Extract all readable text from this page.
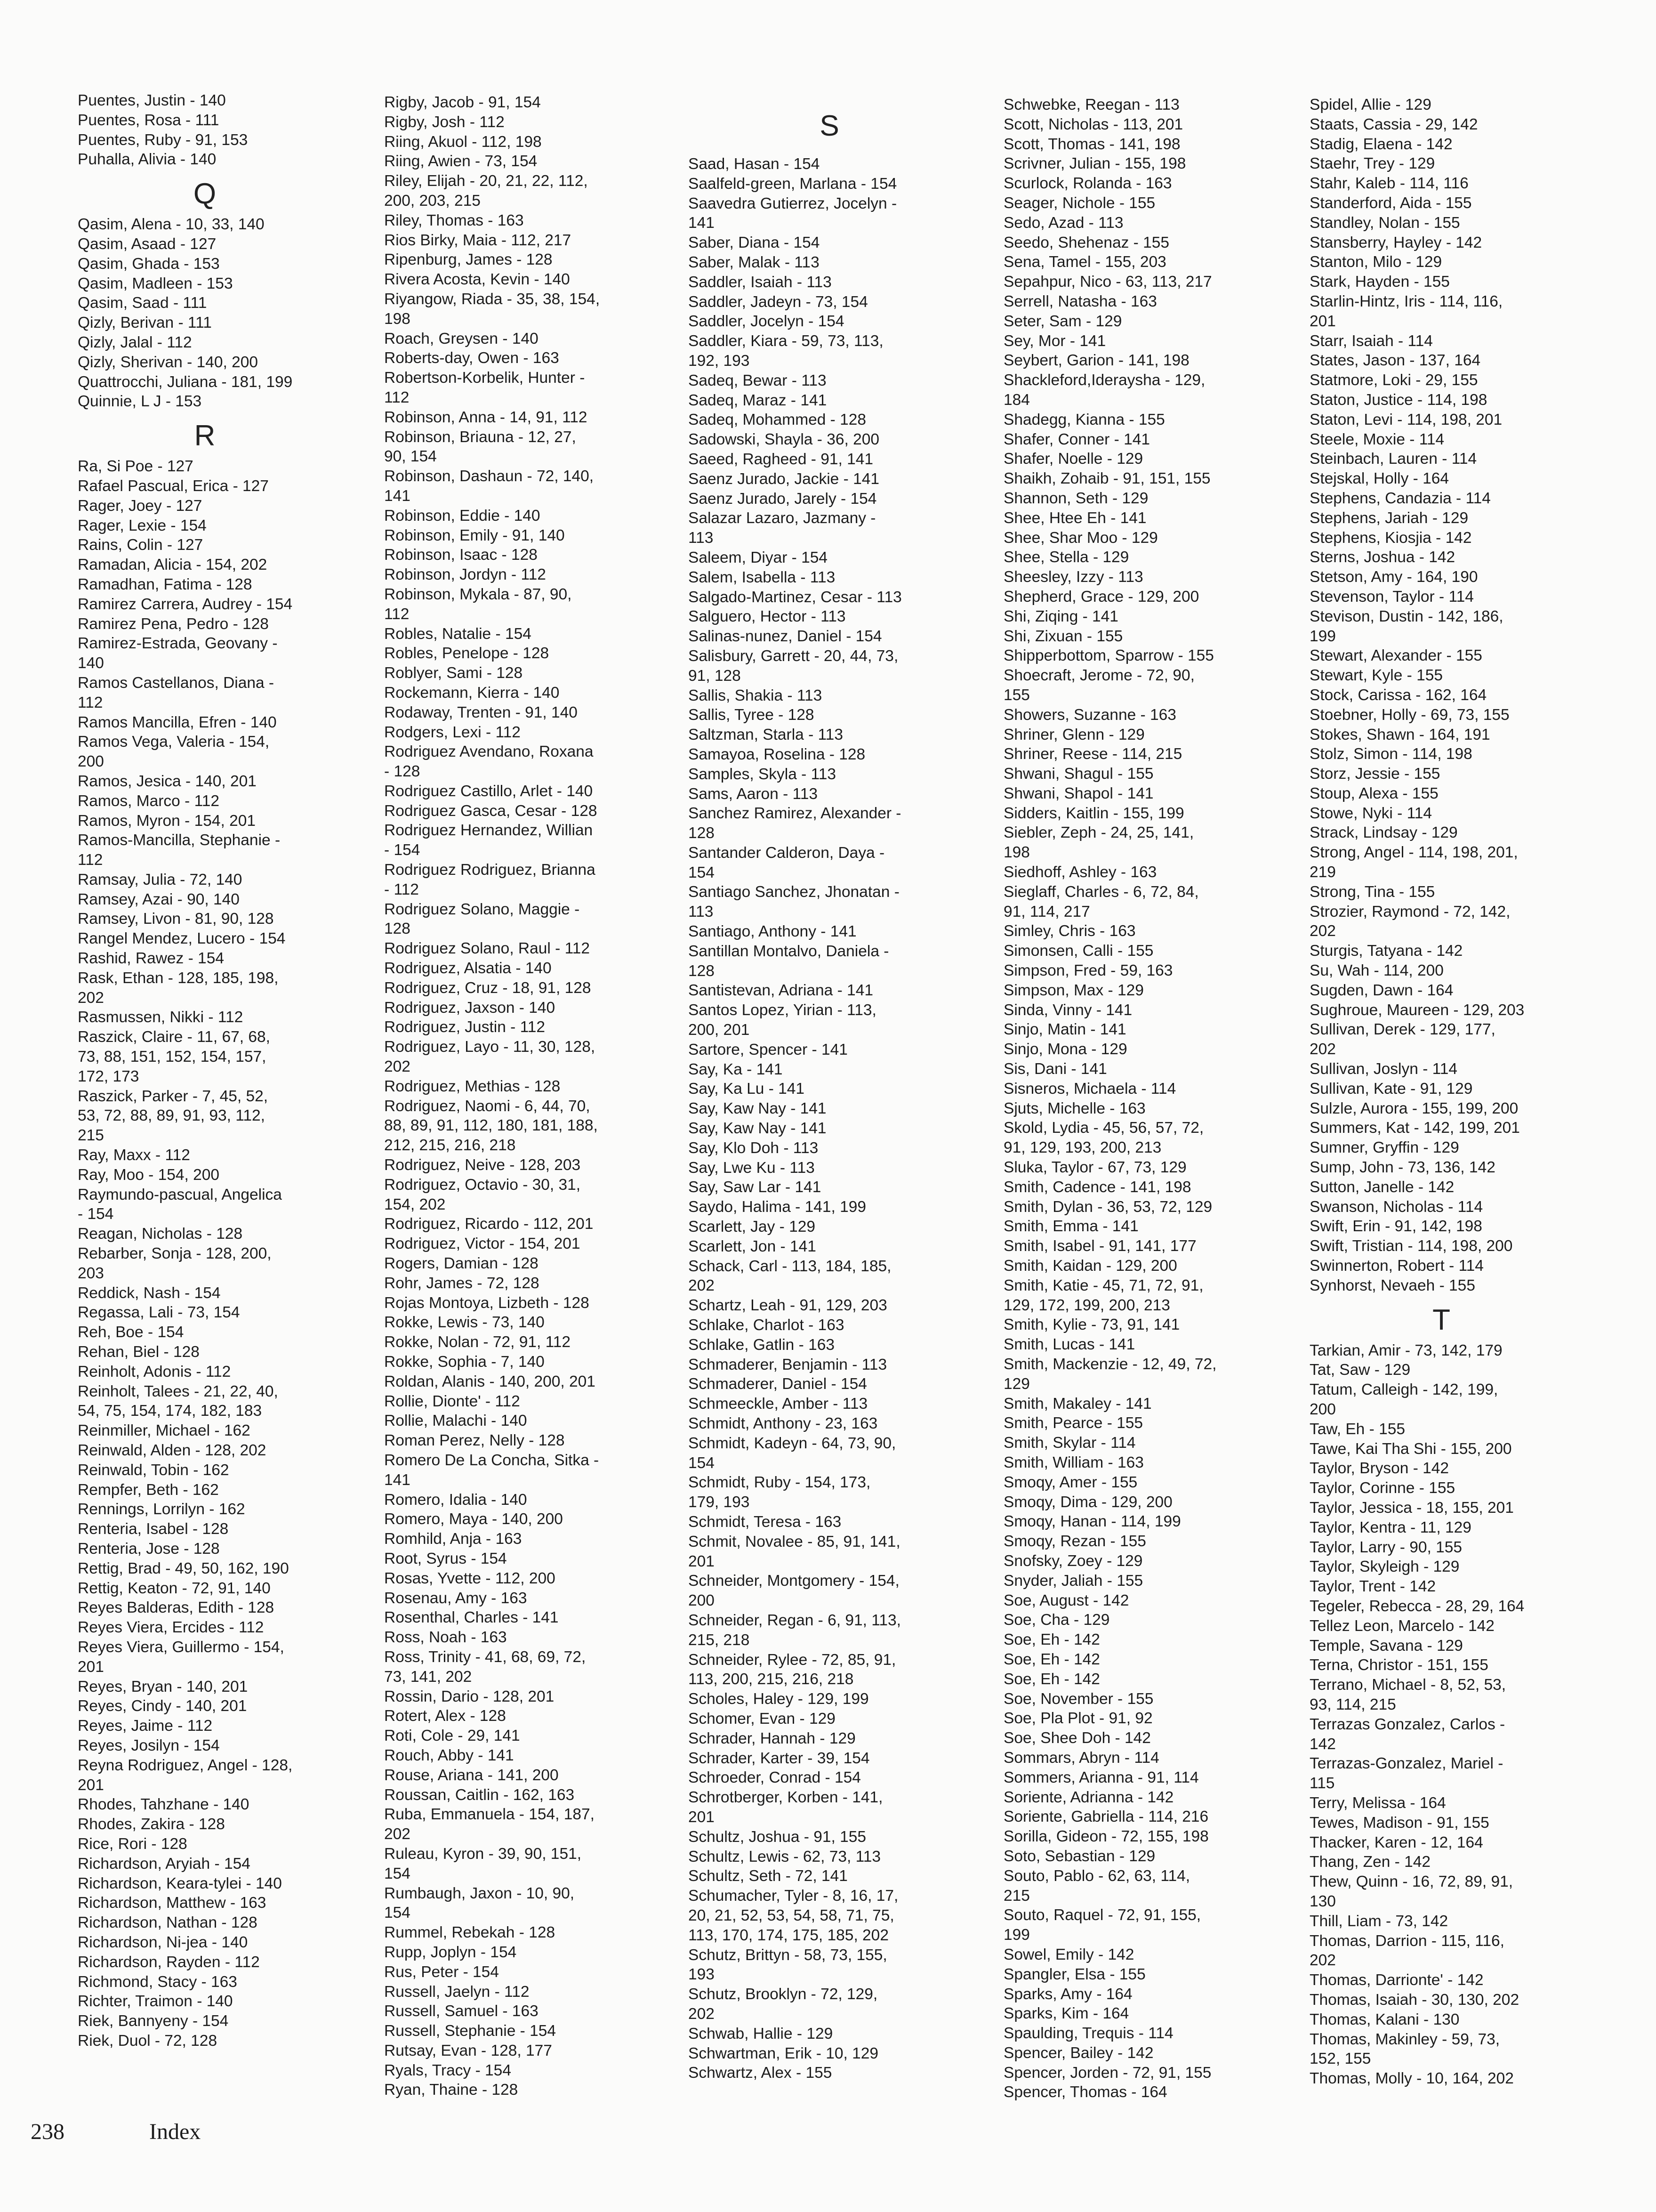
Puentes, Justin - 140
Puentes, Rosa - 111
Puentes, Ruby - 91, 153
Puhalla, Alivia - 140
Q
Qasim, Alena - 10, 33, 140
Qasim, Asaad - 127
Qasim, Ghada - 153
Qasim, Madleen - 153
Qasim, Saad - 111
Qizly, Berivan - 111
Qizly, Jalal - 112
Qizly, Sherivan - 140, 200
Quattrocchi, Juliana - 181, 199
Quinnie, L J - 153
R
Ra, Si Poe - 127
Rafael Pascual, Erica - 127
Rager, Joey - 127
Rager, Lexie - 154
Rains, Colin - 127
Ramadan, Alicia - 154, 202
Ramadhan, Fatima - 128
Ramirez Carrera, Audrey - 154
Ramirez Pena, Pedro - 128
Ramirez-Estrada, Geovany -
140
Ramos Castellanos, Diana -
112
Ramos Mancilla, Efren - 140
Ramos Vega, Valeria - 154,
200
Ramos, Jesica - 140, 201
Ramos, Marco - 112
Ramos, Myron - 154, 201
Ramos-Mancilla, Stephanie -
112
Ramsay, Julia - 72, 140
Ramsey, Azai - 90, 140
Ramsey, Livon - 81, 90, 128
Rangel Mendez, Lucero - 154
Rashid, Rawez - 154
Rask, Ethan - 128, 185, 198,
202
Rasmussen, Nikki - 112
Raszick, Claire - 11, 67, 68,
73, 88, 151, 152, 154, 157,
172, 173
Raszick, Parker - 7, 45, 52,
53, 72, 88, 89, 91, 93, 112,
215
Ray, Maxx - 112
Ray, Moo - 154, 200
Raymundo-pascual, Angelica
- 154
Reagan, Nicholas - 128
Rebarber, Sonja - 128, 200,
203
Reddick, Nash - 154
Regassa, Lali - 73, 154
Reh, Boe - 154
Rehan, Biel - 128
Reinholt, Adonis - 112
Reinholt, Talees - 21, 22, 40,
54, 75, 154, 174, 182, 183
Reinmiller, Michael - 162
Reinwald, Alden - 128, 202
Reinwald, Tobin - 162
Rempfer, Beth - 162
Rennings, Lorrilyn - 162
Renteria, Isabel - 128
Renteria, Jose - 128
Rettig, Brad - 49, 50, 162, 190
Rettig, Keaton - 72, 91, 140
Reyes Balderas, Edith - 128
Reyes Viera, Ercides - 112
Reyes Viera, Guillermo - 154,
201
Reyes, Bryan - 140, 201
Reyes, Cindy - 140, 201
Reyes, Jaime - 112
Reyes, Josilyn - 154
Reyna Rodriguez, Angel - 128,
201
Rhodes, Tahzhane - 140
Rhodes, Zakira - 128
Rice, Rori - 128
Richardson, Aryiah - 154
Richardson, Keara-tylei - 140
Richardson, Matthew - 163
Richardson, Nathan - 128
Richardson, Ni-jea - 140
Richardson, Rayden - 112
Richmond, Stacy - 163
Richter, Traimon - 140
Riek, Bannyeny - 154
Riek, Duol - 72, 128
Rigby, Jacob - 91, 154
Rigby, Josh - 112
Riing, Akuol - 112, 198
Riing, Awien - 73, 154
Riley, Elijah - 20, 21, 22, 112,
200, 203, 215
Riley, Thomas - 163
Rios Birky, Maia - 112, 217
Ripenburg, James - 128
Rivera Acosta, Kevin - 140
Riyangow, Riada - 35, 38, 154,
198
Roach, Greysen - 140
Roberts-day, Owen - 163
Robertson-Korbelik, Hunter -
112
Robinson, Anna - 14, 91, 112
Robinson, Briauna - 12, 27,
90, 154
Robinson, Dashaun - 72, 140,
141
Robinson, Eddie - 140
Robinson, Emily - 91, 140
Robinson, Isaac - 128
Robinson, Jordyn - 112
Robinson, Mykala - 87, 90,
112
Robles, Natalie - 154
Robles, Penelope - 128
Roblyer, Sami - 128
Rockemann, Kierra - 140
Rodaway, Trenten - 91, 140
Rodgers, Lexi - 112
Rodriguez Avendano, Roxana
- 128
Rodriguez Castillo, Arlet - 140
Rodriguez Gasca, Cesar - 128
Rodriguez Hernandez, Willian
- 154
Rodriguez Rodriguez, Brianna
- 112
Rodriguez Solano, Maggie -
128
Rodriguez Solano, Raul - 112
Rodriguez, Alsatia - 140
Rodriguez, Cruz - 18, 91, 128
Rodriguez, Jaxson - 140
Rodriguez, Justin - 112
Rodriguez, Layo - 11, 30, 128,
202
Rodriguez, Methias - 128
Rodriguez, Naomi - 6, 44, 70,
88, 89, 91, 112, 180, 181, 188,
212, 215, 216, 218
Rodriguez, Neive - 128, 203
Rodriguez, Octavio - 30, 31,
154, 202
Rodriguez, Ricardo - 112, 201
Rodriguez, Victor - 154, 201
Rogers, Damian - 128
Rohr, James - 72, 128
Rojas Montoya, Lizbeth - 128
Rokke, Lewis - 73, 140
Rokke, Nolan - 72, 91, 112
Rokke, Sophia - 7, 140
Roldan, Alanis - 140, 200, 201
Rollie, Dionte' - 112
Rollie, Malachi - 140
Roman Perez, Nelly - 128
Romero De La Concha, Sitka -
141
Romero, Idalia - 140
Romero, Maya - 140, 200
Romhild, Anja - 163
Root, Syrus - 154
Rosas, Yvette - 112, 200
Rosenau, Amy - 163
Rosenthal, Charles - 141
Ross, Noah - 163
Ross, Trinity - 41, 68, 69, 72,
73, 141, 202
Rossin, Dario - 128, 201
Rotert, Alex - 128
Roti, Cole - 29, 141
Rouch, Abby - 141
Rouse, Ariana - 141, 200
Roussan, Caitlin - 162, 163
Ruba, Emmanuela - 154, 187,
202
Ruleau, Kyron - 39, 90, 151,
154
Rumbaugh, Jaxon - 10, 90,
154
Rummel, Rebekah - 128
Rupp, Joplyn - 154
Rus, Peter - 154
Russell, Jaelyn - 112
Russell, Samuel - 163
Russell, Stephanie - 154
Rutsay, Evan - 128, 177
Ryals, Tracy - 154
Ryan, Thaine - 128
S
Saad, Hasan - 154
Saalfeld-green, Marlana - 154
Saavedra Gutierrez, Jocelyn -
141
Saber, Diana - 154
Saber, Malak - 113
Saddler, Isaiah - 113
Saddler, Jadeyn - 73, 154
Saddler, Jocelyn - 154
Saddler, Kiara - 59, 73, 113,
192, 193
Sadeq, Bewar - 113
Sadeq, Maraz - 141
Sadeq, Mohammed - 128
Sadowski, Shayla - 36, 200
Saeed, Ragheed - 91, 141
Saenz Jurado, Jackie - 141
Saenz Jurado, Jarely - 154
Salazar Lazaro, Jazmany -
113
Saleem, Diyar - 154
Salem, Isabella - 113
Salgado-Martinez, Cesar - 113
Salguero, Hector - 113
Salinas-nunez, Daniel - 154
Salisbury, Garrett - 20, 44, 73,
91, 128
Sallis, Shakia - 113
Sallis, Tyree - 128
Saltzman, Starla - 113
Samayoa, Roselina - 128
Samples, Skyla - 113
Sams, Aaron - 113
Sanchez Ramirez, Alexander -
128
Santander Calderon, Daya -
154
Santiago Sanchez, Jhonatan -
113
Santiago, Anthony - 141
Santillan Montalvo, Daniela -
128
Santistevan, Adriana - 141
Santos Lopez, Yirian - 113,
200, 201
Sartore, Spencer - 141
Say, Ka - 141
Say, Ka Lu - 141
Say, Kaw Nay - 141
Say, Kaw Nay - 141
Say, Klo Doh - 113
Say, Lwe Ku - 113
Say, Saw Lar - 141
Saydo, Halima - 141, 199
Scarlett, Jay - 129
Scarlett, Jon - 141
Schack, Carl - 113, 184, 185,
202
Schartz, Leah - 91, 129, 203
Schlake, Charlot - 163
Schlake, Gatlin - 163
Schmaderer, Benjamin - 113
Schmaderer, Daniel - 154
Schmeeckle, Amber - 113
Schmidt, Anthony - 23, 163
Schmidt, Kadeyn - 64, 73, 90,
154
Schmidt, Ruby - 154, 173,
179, 193
Schmidt, Teresa - 163
Schmit, Novalee - 85, 91, 141,
201
Schneider, Montgomery - 154,
200
Schneider, Regan - 6, 91, 113,
215, 218
Schneider, Rylee - 72, 85, 91,
113, 200, 215, 216, 218
Scholes, Haley - 129, 199
Schomer, Evan - 129
Schrader, Hannah - 129
Schrader, Karter - 39, 154
Schroeder, Conrad - 154
Schrotberger, Korben - 141,
201
Schultz, Joshua - 91, 155
Schultz, Lewis - 62, 73, 113
Schultz, Seth - 72, 141
Schumacher, Tyler - 8, 16, 17,
20, 21, 52, 53, 54, 58, 71, 75,
113, 170, 174, 175, 185, 202
Schutz, Brittyn - 58, 73, 155,
193
Schutz, Brooklyn - 72, 129,
202
Schwab, Hallie - 129
Schwartman, Erik - 10, 129
Schwartz, Alex - 155
Schwebke, Reegan - 113
Scott, Nicholas - 113, 201
Scott, Thomas - 141, 198
Scrivner, Julian - 155, 198
Scurlock, Rolanda - 163
Seager, Nichole - 155
Sedo, Azad - 113
Seedo, Shehenaz - 155
Sena, Tamel - 155, 203
Sepahpur, Nico - 63, 113, 217
Serrell, Natasha - 163
Seter, Sam - 129
Sey, Mor - 141
Seybert, Garion - 141, 198
Shackleford,Ideraysha - 129,
184
Shadegg, Kianna - 155
Shafer, Conner - 141
Shafer, Noelle - 129
Shaikh, Zohaib - 91, 151, 155
Shannon, Seth - 129
Shee, Htee Eh - 141
Shee, Shar Moo - 129
Shee, Stella - 129
Sheesley, Izzy - 113
Shepherd, Grace - 129, 200
Shi, Ziqing - 141
Shi, Zixuan - 155
Shipperbottom, Sparrow - 155
Shoecraft, Jerome - 72, 90,
155
Showers, Suzanne - 163
Shriner, Glenn - 129
Shriner, Reese - 114, 215
Shwani, Shagul - 155
Shwani, Shapol - 141
Sidders, Kaitlin - 155, 199
Siebler, Zeph - 24, 25, 141,
198
Siedhoff, Ashley - 163
Sieglaff, Charles - 6, 72, 84,
91, 114, 217
Simley, Chris - 163
Simonsen, Calli - 155
Simpson, Fred - 59, 163
Simpson, Max - 129
Sinda, Vinny - 141
Sinjo, Matin - 141
Sinjo, Mona - 129
Sis, Dani - 141
Sisneros, Michaela - 114
Sjuts, Michelle - 163
Skold, Lydia - 45, 56, 57, 72,
91, 129, 193, 200, 213
Sluka, Taylor - 67, 73, 129
Smith, Cadence - 141, 198
Smith, Dylan - 36, 53, 72, 129
Smith, Emma - 141
Smith, Isabel - 91, 141, 177
Smith, Kaidan - 129, 200
Smith, Katie - 45, 71, 72, 91,
129, 172, 199, 200, 213
Smith, Kylie - 73, 91, 141
Smith, Lucas - 141
Smith, Mackenzie - 12, 49, 72,
129
Smith, Makaley - 141
Smith, Pearce - 155
Smith, Skylar - 114
Smith, William - 163
Smoqy, Amer - 155
Smoqy, Dima - 129, 200
Smoqy, Hanan - 114, 199
Smoqy, Rezan - 155
Snofsky, Zoey - 129
Snyder, Jaliah - 155
Soe, August - 142
Soe, Cha - 129
Soe, Eh - 142
Soe, Eh - 142
Soe, Eh - 142
Soe, November - 155
Soe, Pla Plot - 91, 92
Soe, Shee Doh - 142
Sommars, Abryn - 114
Sommers, Arianna - 91, 114
Soriente, Adrianna - 142
Soriente, Gabriella - 114, 216
Sorilla, Gideon - 72, 155, 198
Soto, Sebastian - 129
Souto, Pablo - 62, 63, 114,
215
Souto, Raquel - 72, 91, 155,
199
Sowel, Emily - 142
Spangler, Elsa - 155
Sparks, Amy - 164
Sparks, Kim - 164
Spaulding, Trequis - 114
Spencer, Bailey - 142
Spencer, Jorden - 72, 91, 155
Spencer, Thomas - 164
Spidel, Allie - 129
Staats, Cassia - 29, 142
Stadig, Elaena - 142
Staehr, Trey - 129
Stahr, Kaleb - 114, 116
Standerford, Aida - 155
Standley, Nolan - 155
Stansberry, Hayley - 142
Stanton, Milo - 129
Stark, Hayden - 155
Starlin-Hintz, Iris - 114, 116,
201
Starr, Isaiah - 114
States, Jason - 137, 164
Statmore, Loki - 29, 155
Staton, Justice - 114, 198
Staton, Levi - 114, 198, 201
Steele, Moxie - 114
Steinbach, Lauren - 114
Stejskal, Holly - 164
Stephens, Candazia - 114
Stephens, Jariah - 129
Stephens, Kiosjia - 142
Sterns, Joshua - 142
Stetson, Amy - 164, 190
Stevenson, Taylor - 114
Stevison, Dustin - 142, 186,
199
Stewart, Alexander - 155
Stewart, Kyle - 155
Stock, Carissa - 162, 164
Stoebner, Holly - 69, 73, 155
Stokes, Shawn - 164, 191
Stolz, Simon - 114, 198
Storz, Jessie - 155
Stoup, Alexa - 155
Stowe, Nyki - 114
Strack, Lindsay - 129
Strong, Angel - 114, 198, 201,
219
Strong, Tina - 155
Strozier, Raymond - 72, 142,
202
Sturgis, Tatyana - 142
Su, Wah - 114, 200
Sugden, Dawn - 164
Sughroue, Maureen - 129, 203
Sullivan, Derek - 129, 177,
202
Sullivan, Joslyn - 114
Sullivan, Kate - 91, 129
Sulzle, Aurora - 155, 199, 200
Summers, Kat - 142, 199, 201
Sumner, Gryffin - 129
Sump, John - 73, 136, 142
Sutton, Janelle - 142
Swanson, Nicholas - 114
Swift, Erin - 91, 142, 198
Swift, Tristian - 114, 198, 200
Swinnerton, Robert - 114
Synhorst, Nevaeh - 155
T
Tarkian, Amir - 73, 142, 179
Tat, Saw - 129
Tatum, Calleigh - 142, 199,
200
Taw, Eh - 155
Tawe, Kai Tha Shi - 155, 200
Taylor, Bryson - 142
Taylor, Corinne - 155
Taylor, Jessica - 18, 155, 201
Taylor, Kentra - 11, 129
Taylor, Larry - 90, 155
Taylor, Skyleigh - 129
Taylor, Trent - 142
Tegeler, Rebecca - 28, 29, 164
Tellez Leon, Marcelo - 142
Temple, Savana - 129
Terna, Christor - 151, 155
Terrano, Michael - 8, 52, 53,
93, 114, 215
Terrazas Gonzalez, Carlos -
142
Terrazas-Gonzalez, Mariel -
115
Terry, Melissa - 164
Tewes, Madison - 91, 155
Thacker, Karen - 12, 164
Thang, Zen - 142
Thew, Quinn - 16, 72, 89, 91,
130
Thill, Liam - 73, 142
Thomas, Darrion - 115, 116,
202
Thomas, Darrionte' - 142
Thomas, Isaiah - 30, 130, 202
Thomas, Kalani - 130
Thomas, Makinley - 59, 73,
152, 155
Thomas, Molly - 10, 164, 202
238	Index
